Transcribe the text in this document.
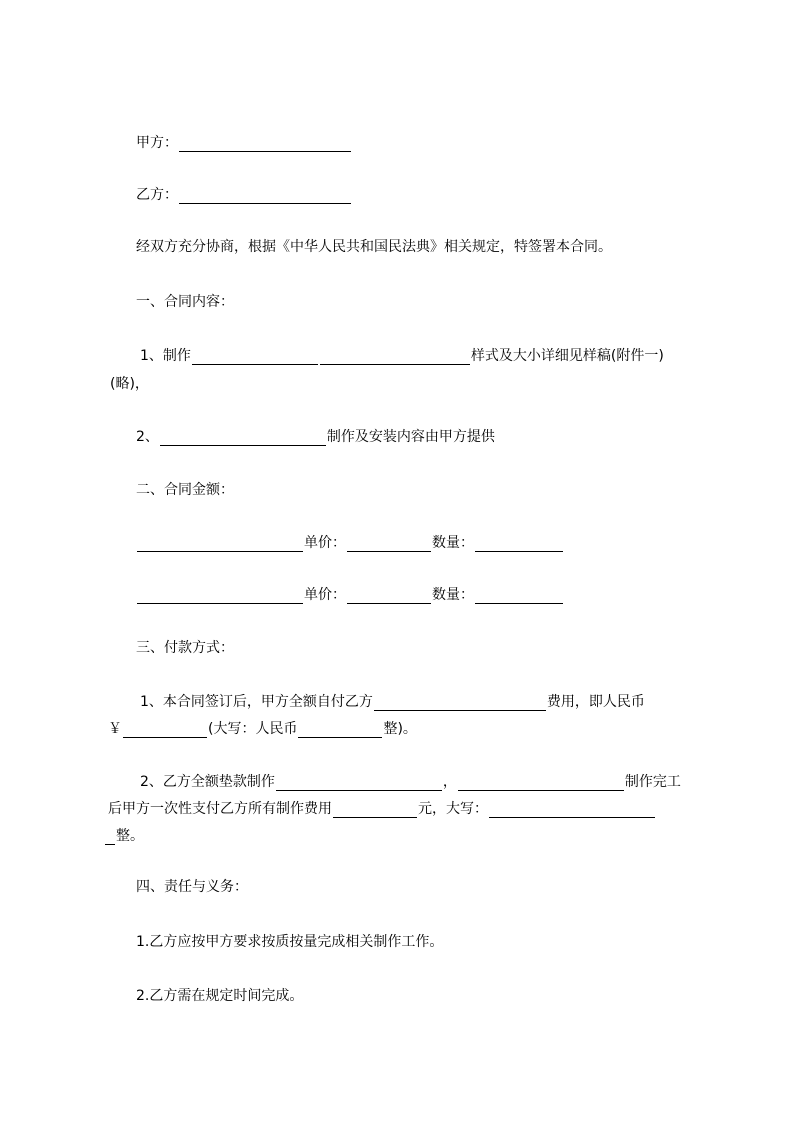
甲方：
乙方：
经双方充分协商，根据《中华人民共和国民法典》相关规定，特签署本合同。
一、合同内容：
1、制作	样式及大小详细见样稿(附件一)
(略)，
2、	制作及安装内容由甲方提供
二、合同金额：
单价：	数量：
单价：	数量：
三、付款方式：
1、本合同签订后，甲方全额自付乙方	费用，即人民币
￥	(大写：人民币	整)。
2、乙方全额垫款制作	，	制作完工
后甲方一次性支付乙方所有制作费用	元，大写：
整。
四、责任与义务：
1.乙方应按甲方要求按质按量完成相关制作工作。
2.乙方需在规定时间完成。
